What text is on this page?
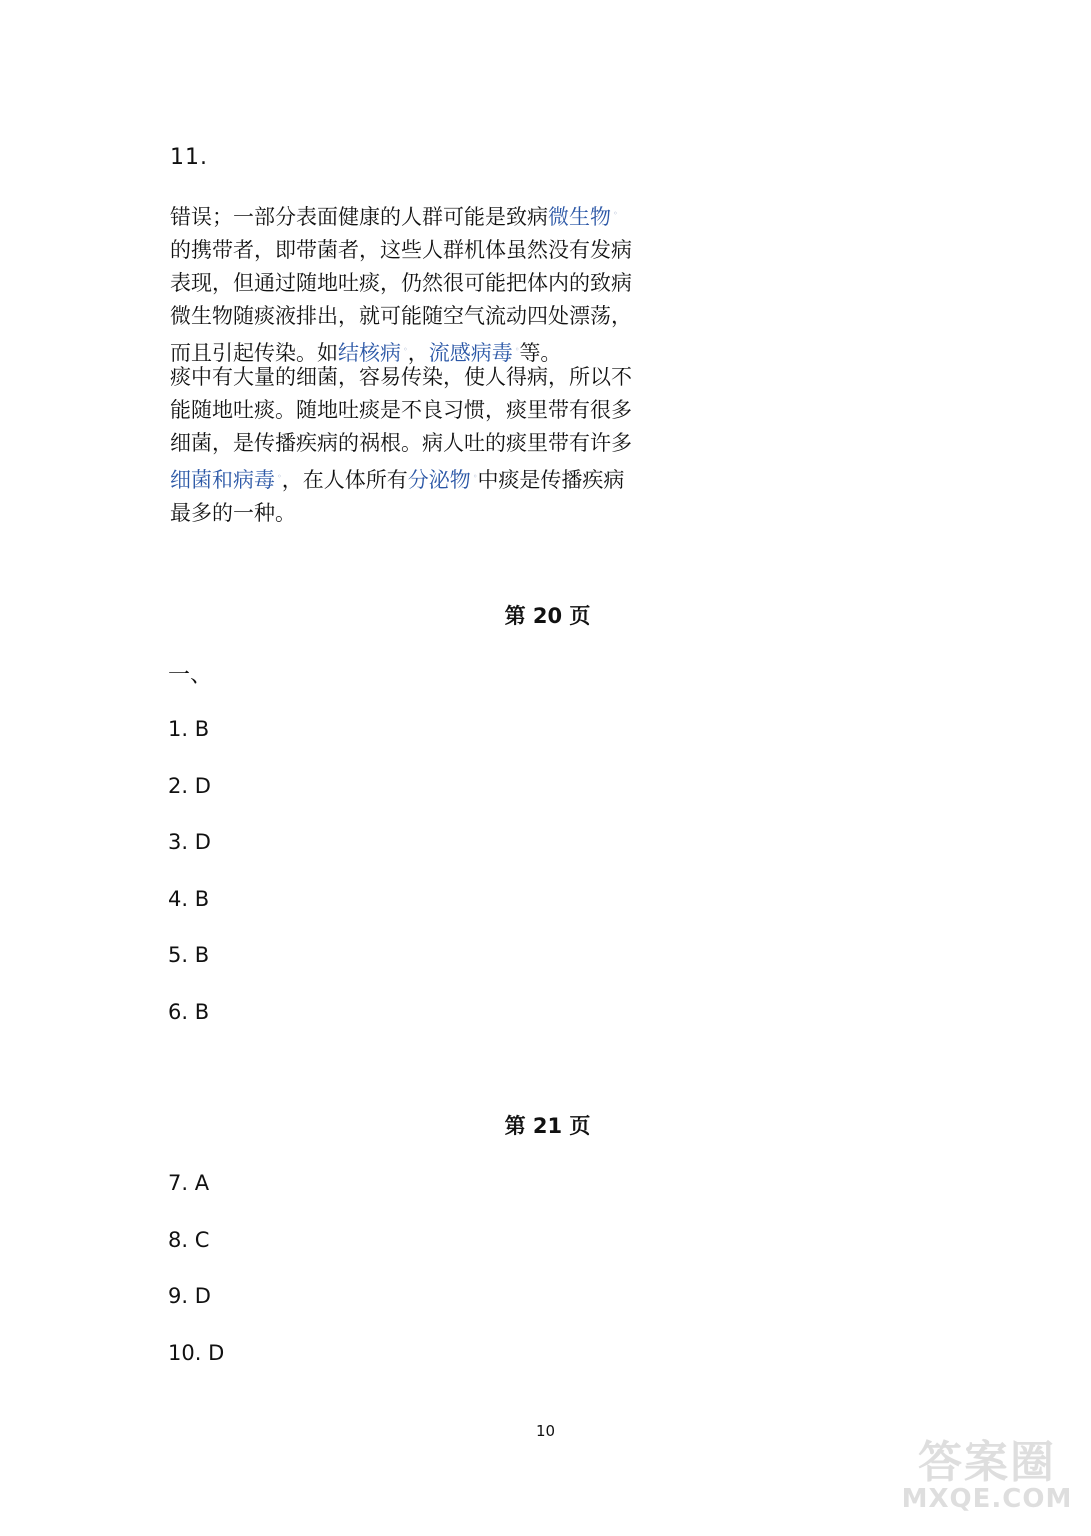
11.
错误；一部分表面健康的人群可能是致病微生物 ◦
的携带者，即带菌者，这些人群机体虽然没有发病
表现，但通过随地吐痰，仍然很可能把体内的致病
微生物随痰液排出，就可能随空气流动四处漂荡，
而且引起传染。如结核病 ◦，流感病毒 ◦等。
痰中有大量的细菌，容易传染，使人得病，所以不
能随地吐痰。随地吐痰是不良习惯，痰里带有很多
细菌，是传播疾病的祸根。病人吐的痰里带有许多
细菌和病毒 ◦，在人体所有分泌物 ◦中痰是传播疾病
最多的一种。
第 20 页
一、
1. B
2. D
3. D
4. B
5. B
6. B
第 21 页
7. A
8. C
9. D
10. D
10
答案圈
MXQE.COM
